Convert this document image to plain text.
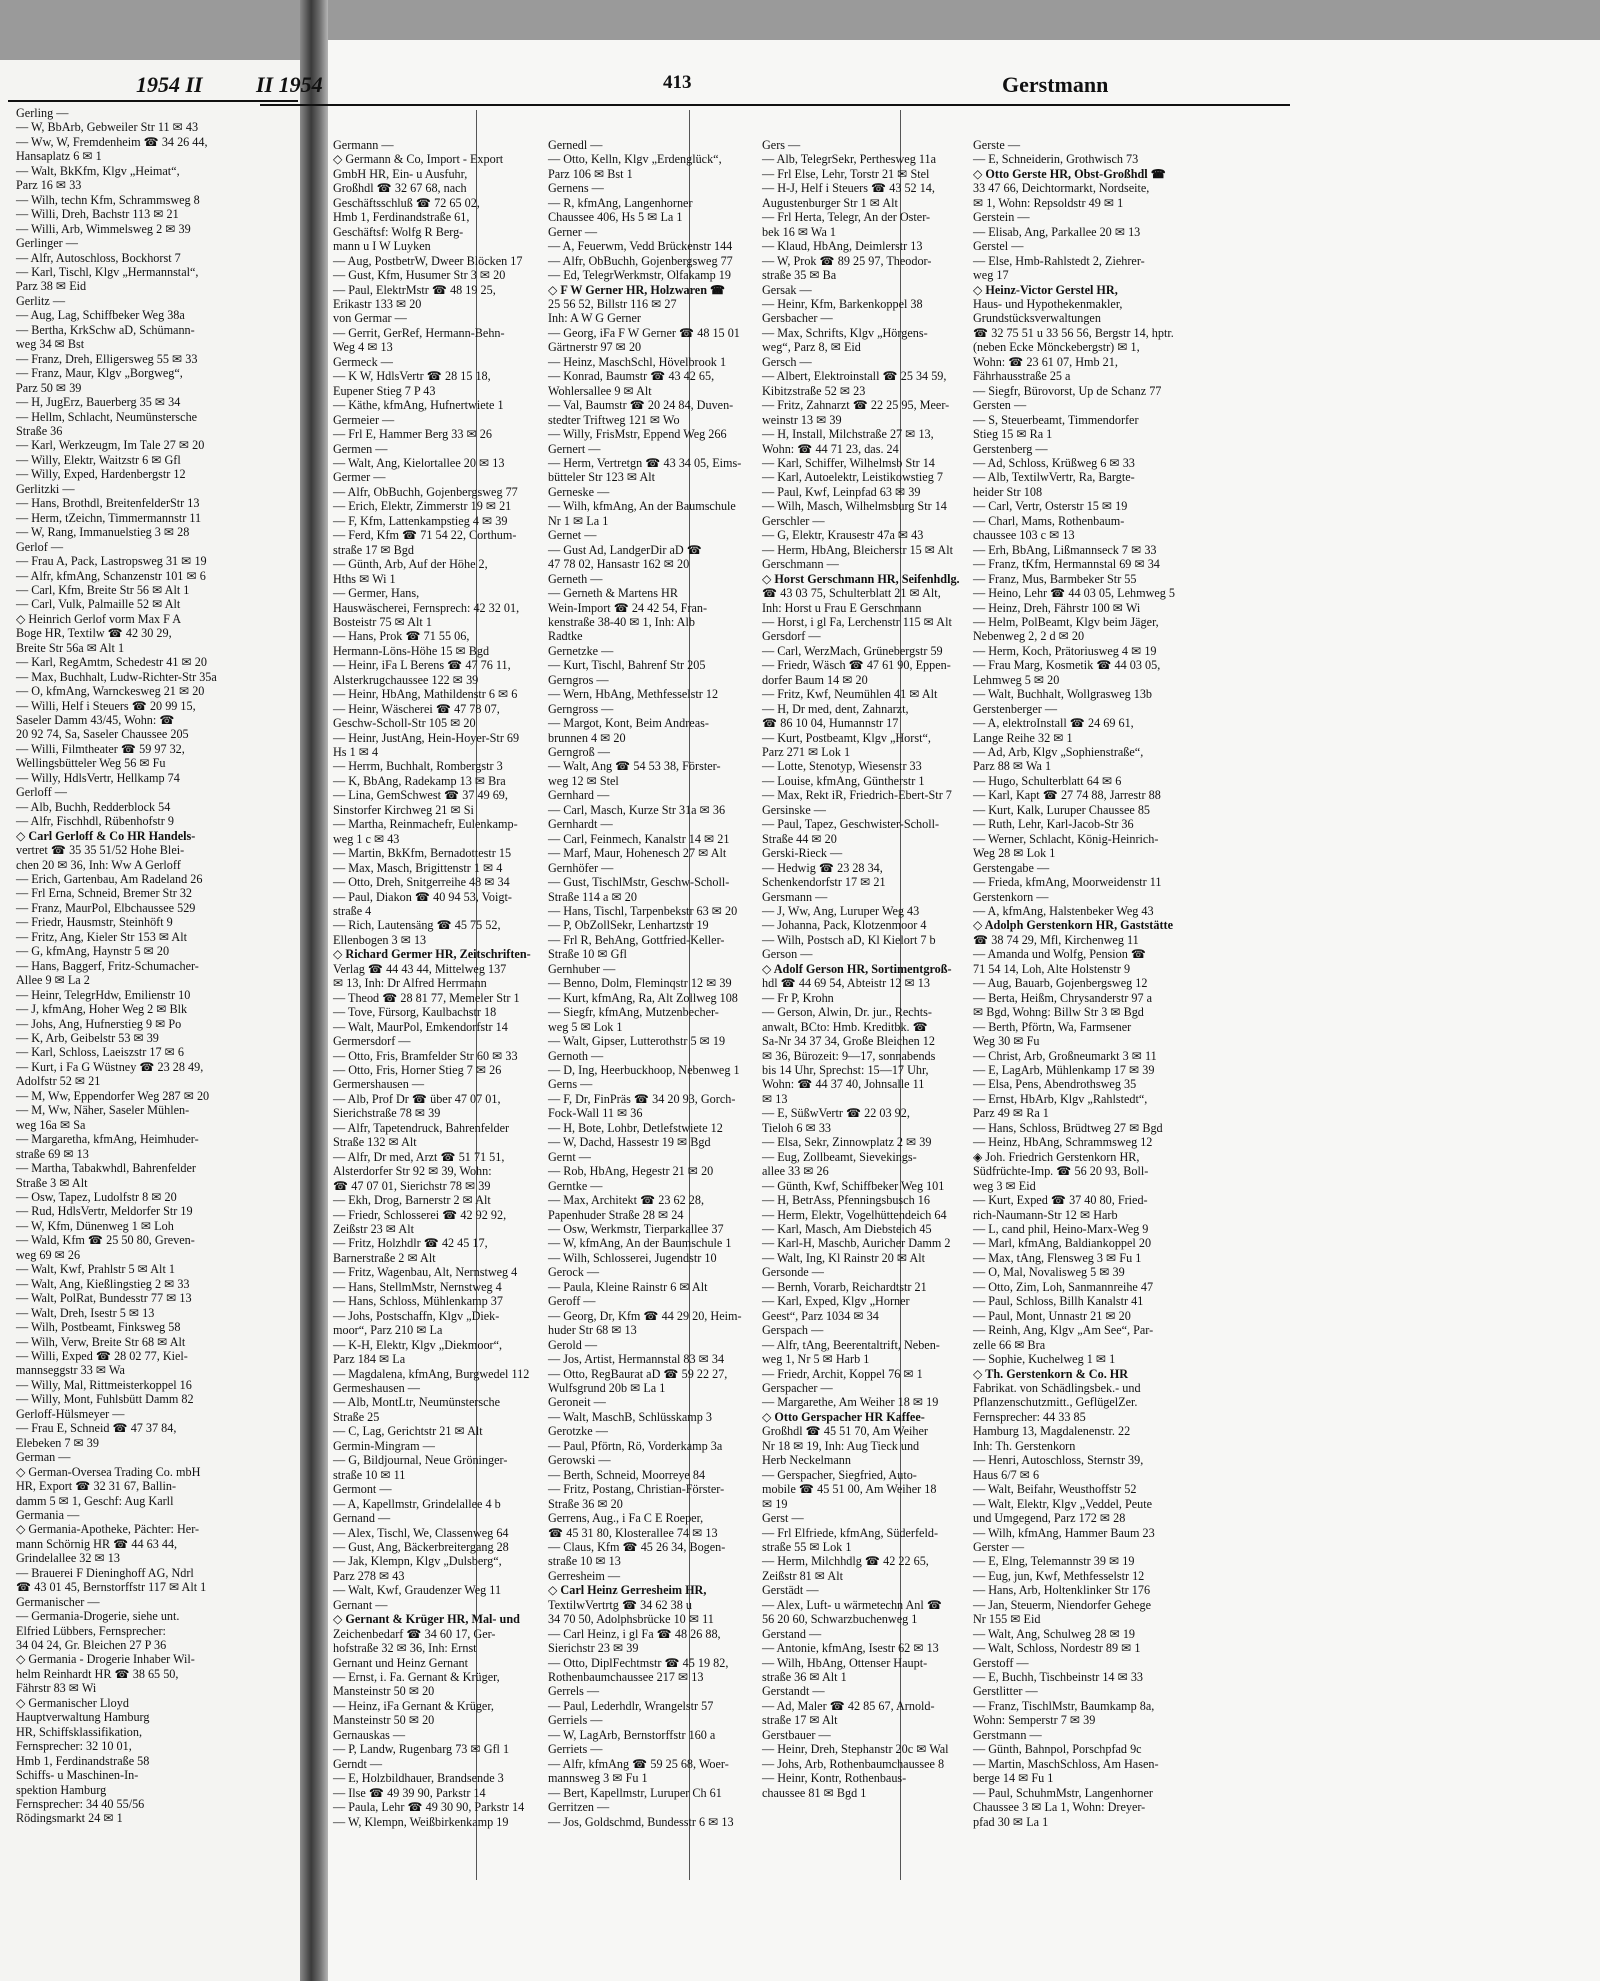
1954 II
Gerling —
— W, BbArb, Gebweiler Str 11 ✉ 43
— Ww, W, Fremdenheim ☎ 34 26 44,
Hansaplatz 6 ✉ 1
— Walt, BkKfm, Klgv „Heimat“,
Parz 16 ✉ 33
— Wilh, techn Kfm, Schrammsweg 8
— Willi, Dreh, Bachstr 113 ✉ 21
— Willi, Arb, Wimmelsweg 2 ✉ 39
Gerlinger —
— Alfr, Autoschloss, Bockhorst 7
— Karl, Tischl, Klgv „Hermannstal“,
Parz 38 ✉ Eid
Gerlitz —
— Aug, Lag, Schiffbeker Weg 38a
— Bertha, KrkSchw aD, Schümann-
weg 34 ✉ Bst
— Franz, Dreh, Elligersweg 55 ✉ 33
— Franz, Maur, Klgv „Borgweg“,
Parz 50 ✉ 39
— H, JugErz, Bauerberg 35 ✉ 34
— Hellm, Schlacht, Neumünstersche
Straße 36
— Karl, Werkzeugm, Im Tale 27 ✉ 20
— Willy, Elektr, Waitzstr 6 ✉ Gfl
— Willy, Exped, Hardenbergstr 12
Gerlitzki —
— Hans, Brothdl, BreitenfelderStr 13
— Herm, tZeichn, Timmermannstr 11
— W, Rang, Immanuelstieg 3 ✉ 28
Gerlof —
— Frau A, Pack, Lastropsweg 31 ✉ 19
— Alfr, kfmAng, Schanzenstr 101 ✉ 6
— Carl, Kfm, Breite Str 56 ✉ Alt 1
— Carl, Vulk, Palmaille 52 ✉ Alt
◇ Heinrich Gerlof vorm Max F A
Boge HR, Textilw ☎ 42 30 29,
Breite Str 56a ✉ Alt 1
— Karl, RegAmtm, Schedestr 41 ✉ 20
— Max, Buchhalt, Ludw-Richter-Str 35a
— O, kfmAng, Warnckesweg 21 ✉ 20
— Willi, Helf i Steuers ☎ 20 99 15,
Saseler Damm 43/45, Wohn: ☎
20 92 74, Sa, Saseler Chaussee 205
— Willi, Filmtheater ☎ 59 97 32,
Wellingsbütteler Weg 56 ✉ Fu
— Willy, HdlsVertr, Hellkamp 74
Gerloff —
— Alb, Buchh, Redderblock 54
— Alfr, Fischhdl, Rübenhofstr 9
◇ Carl Gerloff & Co HR Handels-
vertret ☎ 35 35 51/52 Hohe Blei-
chen 20 ✉ 36, Inh: Ww A Gerloff
— Erich, Gartenbau, Am Radeland 26
— Frl Erna, Schneid, Bremer Str 32
— Franz, MaurPol, Elbchaussee 529
— Friedr, Hausmstr, Steinhöft 9
— Fritz, Ang, Kieler Str 153 ✉ Alt
— G, kfmAng, Haynstr 5 ✉ 20
— Hans, Baggerf, Fritz-Schumacher-
Allee 9 ✉ La 2
— Heinr, TelegrHdw, Emilienstr 10
— J, kfmAng, Hoher Weg 2 ✉ Blk
— Johs, Ang, Hufnerstieg 9 ✉ Po
— K, Arb, Geibelstr 53 ✉ 39
— Karl, Schloss, Laeiszstr 17 ✉ 6
— Kurt, i Fa G Wüstney ☎ 23 28 49,
Adolfstr 52 ✉ 21
— M, Ww, Eppendorfer Weg 287 ✉ 20
— M, Ww, Näher, Saseler Mühlen-
weg 16a ✉ Sa
— Margaretha, kfmAng, Heimhuder-
straße 69 ✉ 13
— Martha, Tabakwhdl, Bahrenfelder
Straße 3 ✉ Alt
— Osw, Tapez, Ludolfstr 8 ✉ 20
— Rud, HdlsVertr, Meldorfer Str 19
— W, Kfm, Dünenweg 1 ✉ Loh
— Wald, Kfm ☎ 25 50 80, Greven-
weg 69 ✉ 26
— Walt, Kwf, Prahlstr 5 ✉ Alt 1
— Walt, Ang, Kießlingstieg 2 ✉ 33
— Walt, PolRat, Bundesstr 77 ✉ 13
— Walt, Dreh, Isestr 5 ✉ 13
— Wilh, Postbeamt, Finksweg 58
— Wilh, Verw, Breite Str 68 ✉ Alt
— Willi, Exped ☎ 28 02 77, Kiel-
mannseggstr 33 ✉ Wa
— Willy, Mal, Rittmeisterkoppel 16
— Willy, Mont, Fuhlsbütt Damm 82
Gerloff-Hülsmeyer —
— Frau E, Schneid ☎ 47 37 84,
Elebeken 7 ✉ 39
German —
◇ German-Oversea Trading Co. mbH
HR, Export ☎ 32 31 67, Ballin-
damm 5 ✉ 1, Geschf: Aug Karll
Germania —
◇ Germania-Apotheke, Pächter: Her-
mann Schörnig HR ☎ 44 63 44,
Grindelallee 32 ✉ 13
— Brauerei F Dieninghoff AG, Ndrl
☎ 43 01 45, Bernstorffstr 117 ✉ Alt 1
Germanischer —
— Germania-Drogerie, siehe unt.
Elfried Lübbers, Fernsprecher:
34 04 24, Gr. Bleichen 27 P 36
◇ Germania - Drogerie Inhaber Wil-
helm Reinhardt HR ☎ 38 65 50,
Fährstr 83 ✉ Wi
◇ Germanischer Lloyd
Hauptverwaltung Hamburg
HR, Schiffsklassifikation,
Fernsprecher: 32 10 01,
Hmb 1, Ferdinandstraße 58
Schiffs- u Maschinen-In-
spektion Hamburg
Fernsprecher: 34 40 55/56
Rödingsmarkt 24 ✉ 1
II 1954	413	Gerstmann
Germann —
◇ Germann & Co, Import - Export
GmbH HR, Ein- u Ausfuhr,
Großhdl ☎ 32 67 68, nach
Geschäftsschluß ☎ 72 65 02,
Hmb 1, Ferdinandstraße 61,
Geschäftsf: Wolfg R Berg-
mann u I W Luyken
— Aug, PostbetrW, Dweer Blöcken 17
— Gust, Kfm, Husumer Str 3 ✉ 20
— Paul, ElektrMstr ☎ 48 19 25,
Erikastr 133 ✉ 20
von Germar —
— Gerrit, GerRef, Hermann-Behn-
Weg 4 ✉ 13
Germeck —
— K W, HdlsVertr ☎ 28 15 18,
Eupener Stieg 7 P 43
— Käthe, kfmAng, Hufnertwiete 1
Germeier —
— Frl E, Hammer Berg 33 ✉ 26
Germen —
— Walt, Ang, Kielortallee 20 ✉ 13
Germer —
— Alfr, ObBuchh, Gojenbergsweg 77
— Erich, Elektr, Zimmerstr 19 ✉ 21
— F, Kfm, Lattenkampstieg 4 ✉ 39
— Ferd, Kfm ☎ 71 54 22, Corthum-
straße 17 ✉ Bgd
— Günth, Arb, Auf der Höhe 2,
Hths ✉ Wi 1
— Germer, Hans,
Hauswäscherei, Fernsprech: 42 32 01,
Bosteistr 75 ✉ Alt 1
— Hans, Prok ☎ 71 55 06,
Hermann-Löns-Höhe 15 ✉ Bgd
— Heinr, iFa L Berens ☎ 47 76 11,
Alsterkrugchaussee 122 ✉ 39
— Heinr, HbAng, Mathildenstr 6 ✉ 6
— Heinr, Wäscherei ☎ 47 78 07,
Geschw-Scholl-Str 105 ✉ 20
— Heinr, JustAng, Hein-Hoyer-Str 69
Hs 1 ✉ 4
— Herrm, Buchhalt, Rombergstr 3
— K, BbAng, Radekamp 13 ✉ Bra
— Lina, GemSchwest ☎ 37 49 69,
Sinstorfer Kirchweg 21 ✉ Si
— Martha, Reinmachefr, Eulenkamp-
weg 1 c ✉ 43
— Martin, BkKfm, Bernadottestr 15
— Max, Masch, Brigittenstr 1 ✉ 4
— Otto, Dreh, Snitgerreihe 48 ✉ 34
— Paul, Diakon ☎ 40 94 53, Voigt-
straße 4
— Rich, Lautensäng ☎ 45 75 52,
Ellenbogen 3 ✉ 13
◇ Richard Germer HR, Zeitschriften-
Verlag ☎ 44 43 44, Mittelweg 137
✉ 13, Inh: Dr Alfred Herrmann
— Theod ☎ 28 81 77, Memeler Str 1
— Tove, Fürsorg, Kaulbachstr 18
— Walt, MaurPol, Emkendorfstr 14
Germersdorf —
— Otto, Fris, Bramfelder Str 60 ✉ 33
— Otto, Fris, Horner Stieg 7 ✉ 26
Germershausen —
— Alb, Prof Dr ☎ über 47 07 01,
Sierichstraße 78 ✉ 39
— Alfr, Tapetendruck, Bahrenfelder
Straße 132 ✉ Alt
— Alfr, Dr med, Arzt ☎ 51 71 51,
Alsterdorfer Str 92 ✉ 39, Wohn:
☎ 47 07 01, Sierichstr 78 ✉ 39
— Ekh, Drog, Barnerstr 2 ✉ Alt
— Friedr, Schlosserei ☎ 42 92 92,
Zeißstr 23 ✉ Alt
— Fritz, Holzhdlr ☎ 42 45 17,
Barnerstraße 2 ✉ Alt
— Fritz, Wagenbau, Alt, Nernstweg 4
— Hans, StellmMstr, Nernstweg 4
— Hans, Schloss, Mühlenkamp 37
— Johs, Postschaffn, Klgv „Diek-
moor“, Parz 210 ✉ La
— K-H, Elektr, Klgv „Diekmoor“,
Parz 184 ✉ La
— Magdalena, kfmAng, Burgwedel 112
Germeshausen —
— Alb, MontLtr, Neumünstersche
Straße 25
— C, Lag, Gerichtstr 21 ✉ Alt
Germin-Mingram —
— G, Bildjournal, Neue Gröninger-
straße 10 ✉ 11
Germont —
— A, Kapellmstr, Grindelallee 4 b
Gernand —
— Alex, Tischl, We, Classenweg 64
— Gust, Ang, Bäckerbreitergang 28
— Jak, Klempn, Klgv „Dulsberg“,
Parz 278 ✉ 43
— Walt, Kwf, Graudenzer Weg 11
Gernant —
◇ Gernant & Krüger HR, Mal- und
Zeichenbedarf ☎ 34 60 17, Ger-
hofstraße 32 ✉ 36, Inh: Ernst
Gernant und Heinz Gernant
— Ernst, i. Fa. Gernant & Krüger,
Mansteinstr 50 ✉ 20
— Heinz, iFa Gernant & Krüger,
Mansteinstr 50 ✉ 20
Gernauskas —
— P, Landw, Rugenbarg 73 ✉ Gfl 1
Gerndt —
— E, Holzbildhauer, Brandsende 3
— Ilse ☎ 49 39 90, Parkstr 14
— Paula, Lehr ☎ 49 30 90, Parkstr 14
— W, Klempn, Weißbirkenkamp 19
Gernedl —
— Otto, Kelln, Klgv „Erdenglück“,
Parz 106 ✉ Bst 1
Gernens —
— R, kfmAng, Langenhorner
Chaussee 406, Hs 5 ✉ La 1
Gerner —
— A, Feuerwm, Vedd Brückenstr 144
— Alfr, ObBuchh, Gojenbergsweg 77
— Ed, TelegrWerkmstr, Olfakamp 19
◇ F W Gerner HR, Holzwaren ☎
25 56 52, Billstr 116 ✉ 27
Inh: A W G Gerner
— Georg, iFa F W Gerner ☎ 48 15 01
Gärtnerstr 97 ✉ 20
— Heinz, MaschSchl, Hövelbrook 1
— Konrad, Baumstr ☎ 43 42 65,
Wohlersallee 9 ✉ Alt
— Val, Baumstr ☎ 20 24 84, Duven-
stedter Triftweg 121 ✉ Wo
— Willy, FrisMstr, Eppend Weg 266
Gernert —
— Herm, Vertretgn ☎ 43 34 05, Eims-
bütteler Str 123 ✉ Alt
Gerneske —
— Wilh, kfmAng, An der Baumschule
Nr 1 ✉ La 1
Gernet —
— Gust Ad, LandgerDir aD ☎
47 78 02, Hansastr 162 ✉ 20
Gerneth —
— Gerneth & Martens HR
Wein-Import ☎ 24 42 54, Fran-
kenstraße 38-40 ✉ 1, Inh: Alb
Radtke
Gernetzke —
— Kurt, Tischl, Bahrenf Str 205
Gerngros —
— Wern, HbAng, Methfesselstr 12
Gerngross —
— Margot, Kont, Beim Andreas-
brunnen 4 ✉ 20
Gerngroß —
— Walt, Ang ☎ 54 53 38, Förster-
weg 12 ✉ Stel
Gernhard —
— Carl, Masch, Kurze Str 31a ✉ 36
Gernhardt —
— Carl, Feinmech, Kanalstr 14 ✉ 21
— Marf, Maur, Hohenesch 27 ✉ Alt
Gernhöfer —
— Gust, TischlMstr, Geschw-Scholl-
Straße 114 a ✉ 20
— Hans, Tischl, Tarpenbekstr 63 ✉ 20
— P, ObZollSekr, Lenhartzstr 19
— Frl R, BehAng, Gottfried-Keller-
Straße 10 ✉ Gfl
Gernhuber —
— Benno, Dolm, Fleminqstr 12 ✉ 39
— Kurt, kfmAng, Ra, Alt Zollweg 108
— Siegfr, kfmAng, Mutzenbecher-
weg 5 ✉ Lok 1
— Walt, Gipser, Lutterothstr 5 ✉ 19
Gernoth —
— D, Ing, Heerbuckhoop, Nebenweg 1
Gerns —
— F, Dr, FinPräs ☎ 34 20 93, Gorch-
Fock-Wall 11 ✉ 36
— H, Bote, Lohbr, Detlefstwiete 12
— W, Dachd, Hassestr 19 ✉ Bgd
Gernt —
— Rob, HbAng, Hegestr 21 ✉ 20
Gerntke —
— Max, Architekt ☎ 23 62 28,
Papenhuder Straße 28 ✉ 24
— Osw, Werkmstr, Tierparkallee 37
— W, kfmAng, An der Baumschule 1
— Wilh, Schlosserei, Jugendstr 10
Gerock —
— Paula, Kleine Rainstr 6 ✉ Alt
Geroff —
— Georg, Dr, Kfm ☎ 44 29 20, Heim-
huder Str 68 ✉ 13
Gerold —
— Jos, Artist, Hermannstal 83 ✉ 34
— Otto, RegBaurat aD ☎ 59 22 27,
Wulfsgrund 20b ✉ La 1
Geroneit —
— Walt, MaschB, Schlüsskamp 3
Gerotzke —
— Paul, Pförtn, Rö, Vorderkamp 3a
Gerowski —
— Berth, Schneid, Moorreye 84
— Fritz, Postang, Christian-Förster-
Straße 36 ✉ 20
Gerrens, Aug., i Fa C E Roeper,
☎ 45 31 80, Klosterallee 74 ✉ 13
— Claus, Kfm ☎ 45 26 34, Bogen-
straße 10 ✉ 13
Gerresheim —
◇ Carl Heinz Gerresheim HR,
TextilwVertrtg ☎ 34 62 38 u
34 70 50, Adolphsbrücke 10 ✉ 11
— Carl Heinz, i gl Fa ☎ 48 26 88,
Sierichstr 23 ✉ 39
— Otto, DiplFechtmstr ☎ 45 19 82,
Rothenbaumchaussee 217 ✉ 13
Gerrels —
— Paul, Lederhdlr, Wrangelstr 57
Gerriels —
— W, LagArb, Bernstorffstr 160 a
Gerriets —
— Alfr, kfmAng ☎ 59 25 68, Woer-
mannsweg 3 ✉ Fu 1
— Bert, Kapellmstr, Luruper Ch 61
Gerritzen —
— Jos, Goldschmd, Bundesstr 6 ✉ 13
Gers —
— Alb, TelegrSekr, Perthesweg 11a
— Frl Else, Lehr, Torstr 21 ✉ Stel
— H-J, Helf i Steuers ☎ 43 52 14,
Augustenburger Str 1 ✉ Alt
— Frl Herta, Telegr, An der Oster-
bek 16 ✉ Wa 1
— Klaud, HbAng, Deimlerstr 13
— W, Prok ☎ 89 25 97, Theodor-
straße 35 ✉ Ba
Gersak —
— Heinr, Kfm, Barkenkoppel 38
Gersbacher —
— Max, Schrifts, Klgv „Hörgens-
weg“, Parz 8, ✉ Eid
Gersch —
— Albert, Elektroinstall ☎ 25 34 59,
Kibitzstraße 52 ✉ 23
— Fritz, Zahnarzt ☎ 22 25 95, Meer-
weinstr 13 ✉ 39
— H, Install, Milchstraße 27 ✉ 13,
Wohn: ☎ 44 71 23, das. 24
— Karl, Schiffer, Wilhelmsb Str 14
— Karl, Autoelektr, Leistikowstieg 7
— Paul, Kwf, Leinpfad 63 ✉ 39
— Wilh, Masch, Wilhelmsburg Str 14
Gerschler —
— G, Elektr, Krausestr 47a ✉ 43
— Herm, HbAng, Bleicherstr 15 ✉ Alt
Gerschmann —
◇ Horst Gerschmann HR, Seifenhdlg.
☎ 43 03 75, Schulterblatt 21 ✉ Alt,
Inh: Horst u Frau E Gerschmann
— Horst, i gl Fa, Lerchenstr 115 ✉ Alt
Gersdorf —
— Carl, WerzMach, Grünebergstr 59
— Friedr, Wäsch ☎ 47 61 90, Eppen-
dorfer Baum 14 ✉ 20
— Fritz, Kwf, Neumühlen 41 ✉ Alt
— H, Dr med, dent, Zahnarzt,
☎ 86 10 04, Humannstr 17
— Kurt, Postbeamt, Klgv „Horst“,
Parz 271 ✉ Lok 1
— Lotte, Stenotyp, Wiesenstr 33
— Louise, kfmAng, Güntherstr 1
— Max, Rekt iR, Friedrich-Ebert-Str 7
Gersinske —
— Paul, Tapez, Geschwister-Scholl-
Straße 44 ✉ 20
Gerski-Rieck —
— Hedwig ☎ 23 28 34,
Schenkendorfstr 17 ✉ 21
Gersmann —
— J, Ww, Ang, Luruper Weg 43
— Johanna, Pack, Klotzenmoor 4
— Wilh, Postsch aD, Kl Kielort 7 b
Gerson —
◇ Adolf Gerson HR, Sortimentgroß-
hdl ☎ 44 69 54, Abteistr 12 ✉ 13
— Fr P, Krohn
— Gerson, Alwin, Dr. jur., Rechts-
anwalt, BCto: Hmb. Kreditbk. ☎
Sa-Nr 34 37 34, Große Bleichen 12
✉ 36, Bürozeit: 9—17, sonnabends
bis 14 Uhr, Sprechst: 15—17 Uhr,
Wohn: ☎ 44 37 40, Johnsalle 11
✉ 13
— E, SüßwVertr ☎ 22 03 92,
Tieloh 6 ✉ 33
— Elsa, Sekr, Zinnowplatz 2 ✉ 39
— Eug, Zollbeamt, Sievekings-
allee 33 ✉ 26
— Günth, Kwf, Schiffbeker Weg 101
— H, BetrAss, Pfenningsbusch 16
— Herm, Elektr, Vogelhüttendeich 64
— Karl, Masch, Am Diebsteich 45
— Karl-H, Maschb, Auricher Damm 2
— Walt, Ing, Kl Rainstr 20 ✉ Alt
Gersonde —
— Bernh, Vorarb, Reichardtstr 21
— Karl, Exped, Klgv „Horner
Geest“, Parz 1034 ✉ 34
Gerspach —
— Alfr, tAng, Beerentaltrift, Neben-
weg 1, Nr 5 ✉ Harb 1
— Friedr, Archit, Koppel 76 ✉ 1
Gerspacher —
— Margarethe, Am Weiher 18 ✉ 19
◇ Otto Gerspacher HR Kaffee-
Großhdl ☎ 45 51 70, Am Weiher
Nr 18 ✉ 19, Inh: Aug Tieck und
Herb Neckelmann
— Gerspacher, Siegfried, Auto-
mobile ☎ 45 51 00, Am Weiher 18
✉ 19
Gerst —
— Frl Elfriede, kfmAng, Süderfeld-
straße 55 ✉ Lok 1
— Herm, Milchhdlg ☎ 42 22 65,
Zeißstr 81 ✉ Alt
Gerstädt —
— Alex, Luft- u wärmetechn Anl ☎
56 20 60, Schwarzbuchenweg 1
Gerstand —
— Antonie, kfmAng, Isestr 62 ✉ 13
— Wilh, HbAng, Ottenser Haupt-
straße 36 ✉ Alt 1
Gerstandt —
— Ad, Maler ☎ 42 85 67, Arnold-
straße 17 ✉ Alt
Gerstbauer —
— Heinr, Dreh, Stephanstr 20c ✉ Wal
— Johs, Arb, Rothenbaumchaussee 8
— Heinr, Kontr, Rothenbaus-
chaussee 81 ✉ Bgd 1
Gerste —
— E, Schneiderin, Grothwisch 73
◇ Otto Gerste HR, Obst-Großhdl ☎
33 47 66, Deichtormarkt, Nordseite,
✉ 1, Wohn: Repsoldstr 49 ✉ 1
Gerstein —
— Elisab, Ang, Parkallee 20 ✉ 13
Gerstel —
— Else, Hmb-Rahlstedt 2, Ziehrer-
weg 17
◇ Heinz-Victor Gerstel HR,
Haus- und Hypothekenmakler,
Grundstücksverwaltungen
☎ 32 75 51 u 33 56 56, Bergstr 14, hptr.
(neben Ecke Mönckebergstr) ✉ 1,
Wohn: ☎ 23 61 07, Hmb 21,
Fährhausstraße 25 a
— Siegfr, Bürovorst, Up de Schanz 77
Gersten —
— S, Steuerbeamt, Timmendorfer
Stieg 15 ✉ Ra 1
Gerstenberg —
— Ad, Schloss, Krüßweg 6 ✉ 33
— Alb, TextilwVertr, Ra, Bargte-
heider Str 108
— Carl, Vertr, Osterstr 15 ✉ 19
— Charl, Mams, Rothenbaum-
chaussee 103 c ✉ 13
— Erh, BbAng, Lißmannseck 7 ✉ 33
— Franz, tKfm, Hermannstal 69 ✉ 34
— Franz, Mus, Barmbeker Str 55
— Heino, Lehr ☎ 44 03 05, Lehmweg 5
— Heinz, Dreh, Fährstr 100 ✉ Wi
— Helm, PolBeamt, Klgv beim Jäger,
Nebenweg 2, 2 d ✉ 20
— Herm, Koch, Prätoriusweg 4 ✉ 19
— Frau Marg, Kosmetik ☎ 44 03 05,
Lehmweg 5 ✉ 20
— Walt, Buchhalt, Wollgrasweg 13b
Gerstenberger —
— A, elektroInstall ☎ 24 69 61,
Lange Reihe 32 ✉ 1
— Ad, Arb, Klgv „Sophienstraße“,
Parz 88 ✉ Wa 1
— Hugo, Schulterblatt 64 ✉ 6
— Karl, Kapt ☎ 27 74 88, Jarrestr 88
— Kurt, Kalk, Luruper Chaussee 85
— Ruth, Lehr, Karl-Jacob-Str 36
— Werner, Schlacht, König-Heinrich-
Weg 28 ✉ Lok 1
Gerstengabe —
— Frieda, kfmAng, Moorweidenstr 11
Gerstenkorn —
— A, kfmAng, Halstenbeker Weg 43
◇ Adolph Gerstenkorn HR, Gaststätte
☎ 38 74 29, Mfl, Kirchenweg 11
— Amanda und Wolfg, Pension ☎
71 54 14, Loh, Alte Holstenstr 9
— Aug, Bauarb, Gojenbergsweg 12
— Berta, Heißm, Chrysanderstr 97 a
✉ Bgd, Wohng: Billw Str 3 ✉ Bgd
— Berth, Pförtn, Wa, Farmsener
Weg 30 ✉ Fu
— Christ, Arb, Großneumarkt 3 ✉ 11
— E, LagArb, Mühlenkamp 17 ✉ 39
— Elsa, Pens, Abendrothsweg 35
— Ernst, HbArb, Klgv „Rahlstedt“,
Parz 49 ✉ Ra 1
— Hans, Schloss, Brüdtweg 27 ✉ Bgd
— Heinz, HbAng, Schrammsweg 12
◈ Joh. Friedrich Gerstenkorn HR,
Südfrüchte-Imp. ☎ 56 20 93, Boll-
weg 3 ✉ Eid
— Kurt, Exped ☎ 37 40 80, Fried-
rich-Naumann-Str 12 ✉ Harb
— L, cand phil, Heino-Marx-Weg 9
— Marl, kfmAng, Baldiankoppel 20
— Max, tAng, Flensweg 3 ✉ Fu 1
— O, Mal, Novalisweg 5 ✉ 39
— Otto, Zim, Loh, Sanmannreihe 47
— Paul, Schloss, Billh Kanalstr 41
— Paul, Mont, Unnastr 21 ✉ 20
— Reinh, Ang, Klgv „Am See“, Par-
zelle 66 ✉ Bra
— Sophie, Kuchelweg 1 ✉ 1
◇ Th. Gerstenkorn & Co. HR
Fabrikat. von Schädlingsbek.- und
Pflanzenschutzmitt., GeflügelZer.
Fernsprecher: 44 33 85
Hamburg 13, Magdalenenstr. 22
Inh: Th. Gerstenkorn
— Henri, Autoschloss, Sternstr 39,
Haus 6/7 ✉ 6
— Walt, Beifahr, Weusthoffstr 52
— Walt, Elektr, Klgv „Veddel, Peute
und Umgegend, Parz 172 ✉ 28
— Wilh, kfmAng, Hammer Baum 23
Gerster —
— E, Elng, Telemannstr 39 ✉ 19
— Eug, jun, Kwf, Methfesselstr 12
— Hans, Arb, Holtenklinker Str 176
— Jan, Steuerm, Niendorfer Gehege
Nr 155 ✉ Eid
— Walt, Ang, Schulweg 28 ✉ 19
— Walt, Schloss, Nordestr 89 ✉ 1
Gerstoff —
— E, Buchh, Tischbeinstr 14 ✉ 33
Gerstlitter —
— Franz, TischlMstr, Baumkamp 8a,
Wohn: Semperstr 7 ✉ 39
Gerstmann —
— Günth, Bahnpol, Porschpfad 9c
— Martin, MaschSchloss, Am Hasen-
berge 14 ✉ Fu 1
— Paul, SchuhmMstr, Langenhorner
Chaussee 3 ✉ La 1, Wohn: Dreyer-
pfad 30 ✉ La 1
